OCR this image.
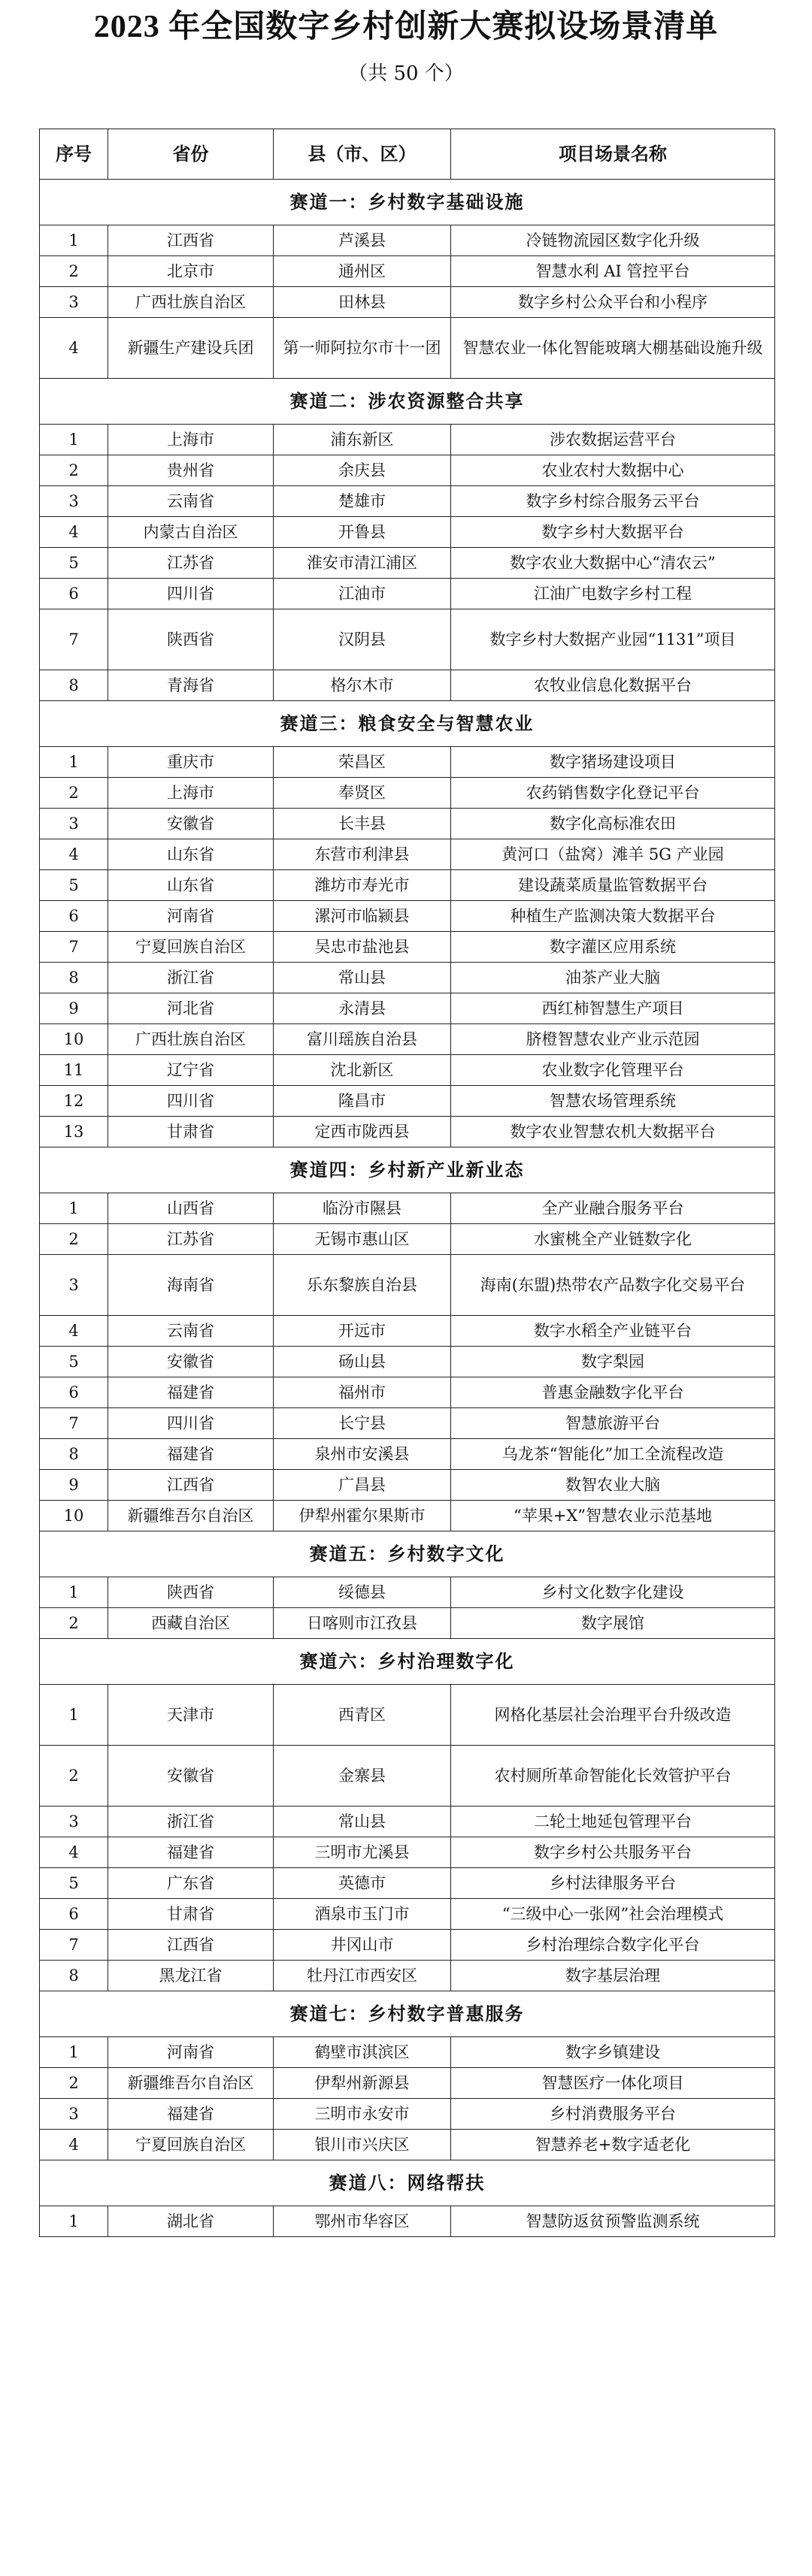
2023 年全国数字乡村创新大赛拟设场景清单
（共 50 个）
序号	省份	县（市、区）	项目场景名称
赛道一：乡村数字基础设施			
1	江西省	芦溪县	冷链物流园区数字化升级
2	北京市	通州区	智慧水利 AI 管控平台
3	广西壮族自治区	田林县	数字乡村公众平台和小程序
4	新疆生产建设兵团	第一师阿拉尔市十一团	智慧农业一体化智能玻璃大棚基础设施升级
赛道二：涉农资源整合共享			
1	上海市	浦东新区	涉农数据运营平台
2	贵州省	余庆县	农业农村大数据中心
3	云南省	楚雄市	数字乡村综合服务云平台
4	内蒙古自治区	开鲁县	数字乡村大数据平台
5	江苏省	淮安市清江浦区	数字农业大数据中心“清农云”
6	四川省	江油市	江油广电数字乡村工程
7	陕西省	汉阴县	数字乡村大数据产业园“1131”项目
8	青海省	格尔木市	农牧业信息化数据平台
赛道三：粮食安全与智慧农业			
1	重庆市	荣昌区	数字猪场建设项目
2	上海市	奉贤区	农药销售数字化登记平台
3	安徽省	长丰县	数字化高标准农田
4	山东省	东营市利津县	黄河口（盐窝）滩羊 5G 产业园
5	山东省	潍坊市寿光市	建设蔬菜质量监管数据平台
6	河南省	漯河市临颍县	种植生产监测决策大数据平台
7	宁夏回族自治区	吴忠市盐池县	数字灌区应用系统
8	浙江省	常山县	油茶产业大脑
9	河北省	永清县	西红柿智慧生产项目
10	广西壮族自治区	富川瑶族自治县	脐橙智慧农业产业示范园
11	辽宁省	沈北新区	农业数字化管理平台
12	四川省	隆昌市	智慧农场管理系统
13	甘肃省	定西市陇西县	数字农业智慧农机大数据平台
赛道四：乡村新产业新业态			
1	山西省	临汾市隰县	全产业融合服务平台
2	江苏省	无锡市惠山区	水蜜桃全产业链数字化
3	海南省	乐东黎族自治县	海南(东盟)热带农产品数字化交易平台
4	云南省	开远市	数字水稻全产业链平台
5	安徽省	砀山县	数字梨园
6	福建省	福州市	普惠金融数字化平台
7	四川省	长宁县	智慧旅游平台
8	福建省	泉州市安溪县	乌龙茶“智能化”加工全流程改造
9	江西省	广昌县	数智农业大脑
10	新疆维吾尔自治区	伊犁州霍尔果斯市	“苹果+X”智慧农业示范基地
赛道五：乡村数字文化			
1	陕西省	绥德县	乡村文化数字化建设
2	西藏自治区	日喀则市江孜县	数字展馆
赛道六：乡村治理数字化			
1	天津市	西青区	网格化基层社会治理平台升级改造
2	安徽省	金寨县	农村厕所革命智能化长效管护平台
3	浙江省	常山县	二轮土地延包管理平台
4	福建省	三明市尤溪县	数字乡村公共服务平台
5	广东省	英德市	乡村法律服务平台
6	甘肃省	酒泉市玉门市	“三级中心一张网”社会治理模式
7	江西省	井冈山市	乡村治理综合数字化平台
8	黑龙江省	牡丹江市西安区	数字基层治理
赛道七：乡村数字普惠服务			
1	河南省	鹤壁市淇滨区	数字乡镇建设
2	新疆维吾尔自治区	伊犁州新源县	智慧医疗一体化项目
3	福建省	三明市永安市	乡村消费服务平台
4	宁夏回族自治区	银川市兴庆区	智慧养老+数字适老化
赛道八：网络帮扶			
1	湖北省	鄂州市华容区	智慧防返贫预警监测系统
